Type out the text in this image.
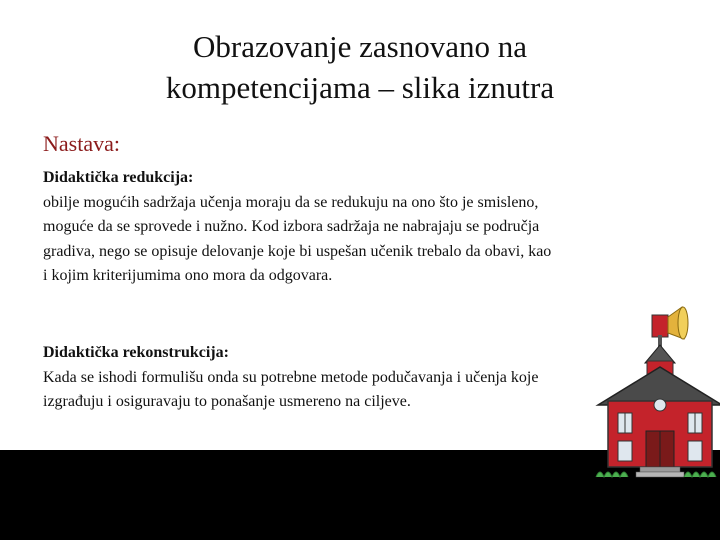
Obrazovanje zasnovano na
kompetencijama – slika iznutra
Nastava:
Didaktička redukcija:
obilje mogućih sadržaja učenja moraju da se redukuju na ono što je smisleno,
moguće da se sprovede i nužno. Kod izbora sadržaja ne nabrajaju se područja
gradiva, nego se opisuje delovanje koje bi uspešan učenik trebalo da obavi, kao
i kojim kriterijumima ono mora da odgovara.
Didaktička rekonstrukcija:
Kada se ishodi formulišu onda su potrebne metode podučavanja i učenja koje
izgrađuju i osiguravaju to ponašanje usmereno na ciljeve.
